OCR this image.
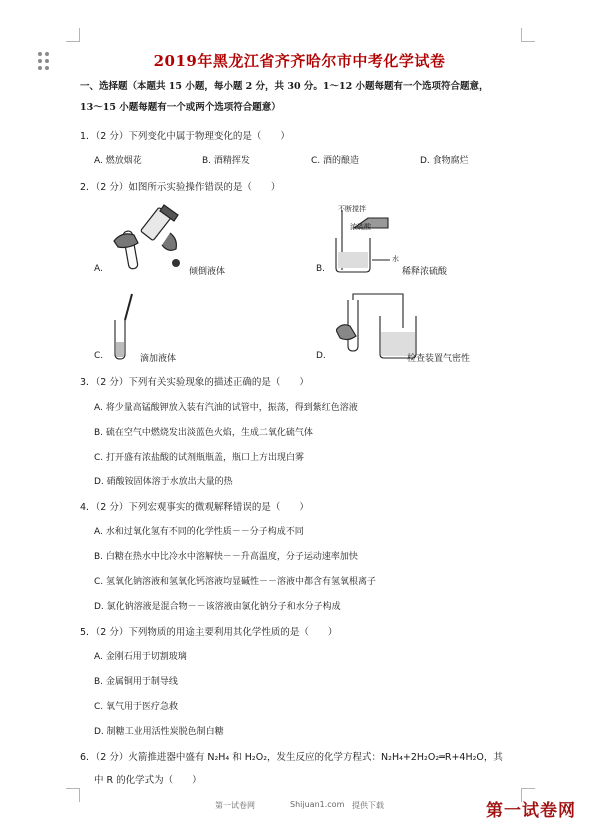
2019年黑龙江省齐齐哈尔市中考化学试卷
一、选择题（本题共 15 小题，每小题 2 分，共 30 分。1～12 小题每题有一个选项符合题意，
13～15 小题每题有一个或两个选项符合题意）
1．（2 分）下列变化中属于物理变化的是（　　）
A. 燃放烟花	B. 酒精挥发	C. 酒的酿造	D. 食物腐烂
2．（2 分）如图所示实验操作错误的是（　　）
A.	倾倒液体
不断搅拌
浓硫酸
水
B.	稀释浓硫酸
C.	滴加液体	D.	检查装置气密性
3．（2 分）下列有关实验现象的描述正确的是（　　）
A. 将少量高锰酸钾放入装有汽油的试管中，振荡，得到紫红色溶液
B. 硫在空气中燃烧发出淡蓝色火焰，生成二氧化硫气体
C. 打开盛有浓盐酸的试剂瓶瓶盖，瓶口上方出现白雾
D. 硝酸铵固体溶于水放出大量的热
4．（2 分）下列宏观事实的微观解释错误的是（　　）
A. 水和过氧化氢有不同的化学性质－－分子构成不同
B. 白糖在热水中比冷水中溶解快－－升高温度，分子运动速率加快
C. 氢氧化钠溶液和氢氧化钙溶液均显碱性－－溶液中都含有氢氧根离子
D. 氯化钠溶液是混合物－－该溶液由氯化钠分子和水分子构成
5．（2 分）下列物质的用途主要利用其化学性质的是（　　）
A. 金刚石用于切割玻璃
B. 金属铜用于制导线
C. 氧气用于医疗急救
D. 制糖工业用活性炭脱色制白糖
6．（2 分）火箭推进器中盛有 N₂H₄ 和 H₂O₂，发生反应的化学方程式：N₂H₄+2H₂O₂═R+4H₂O，其
中 R 的化学式为（　　）
第一试卷网	Shijuan1.com 提供下载	第一试卷网
